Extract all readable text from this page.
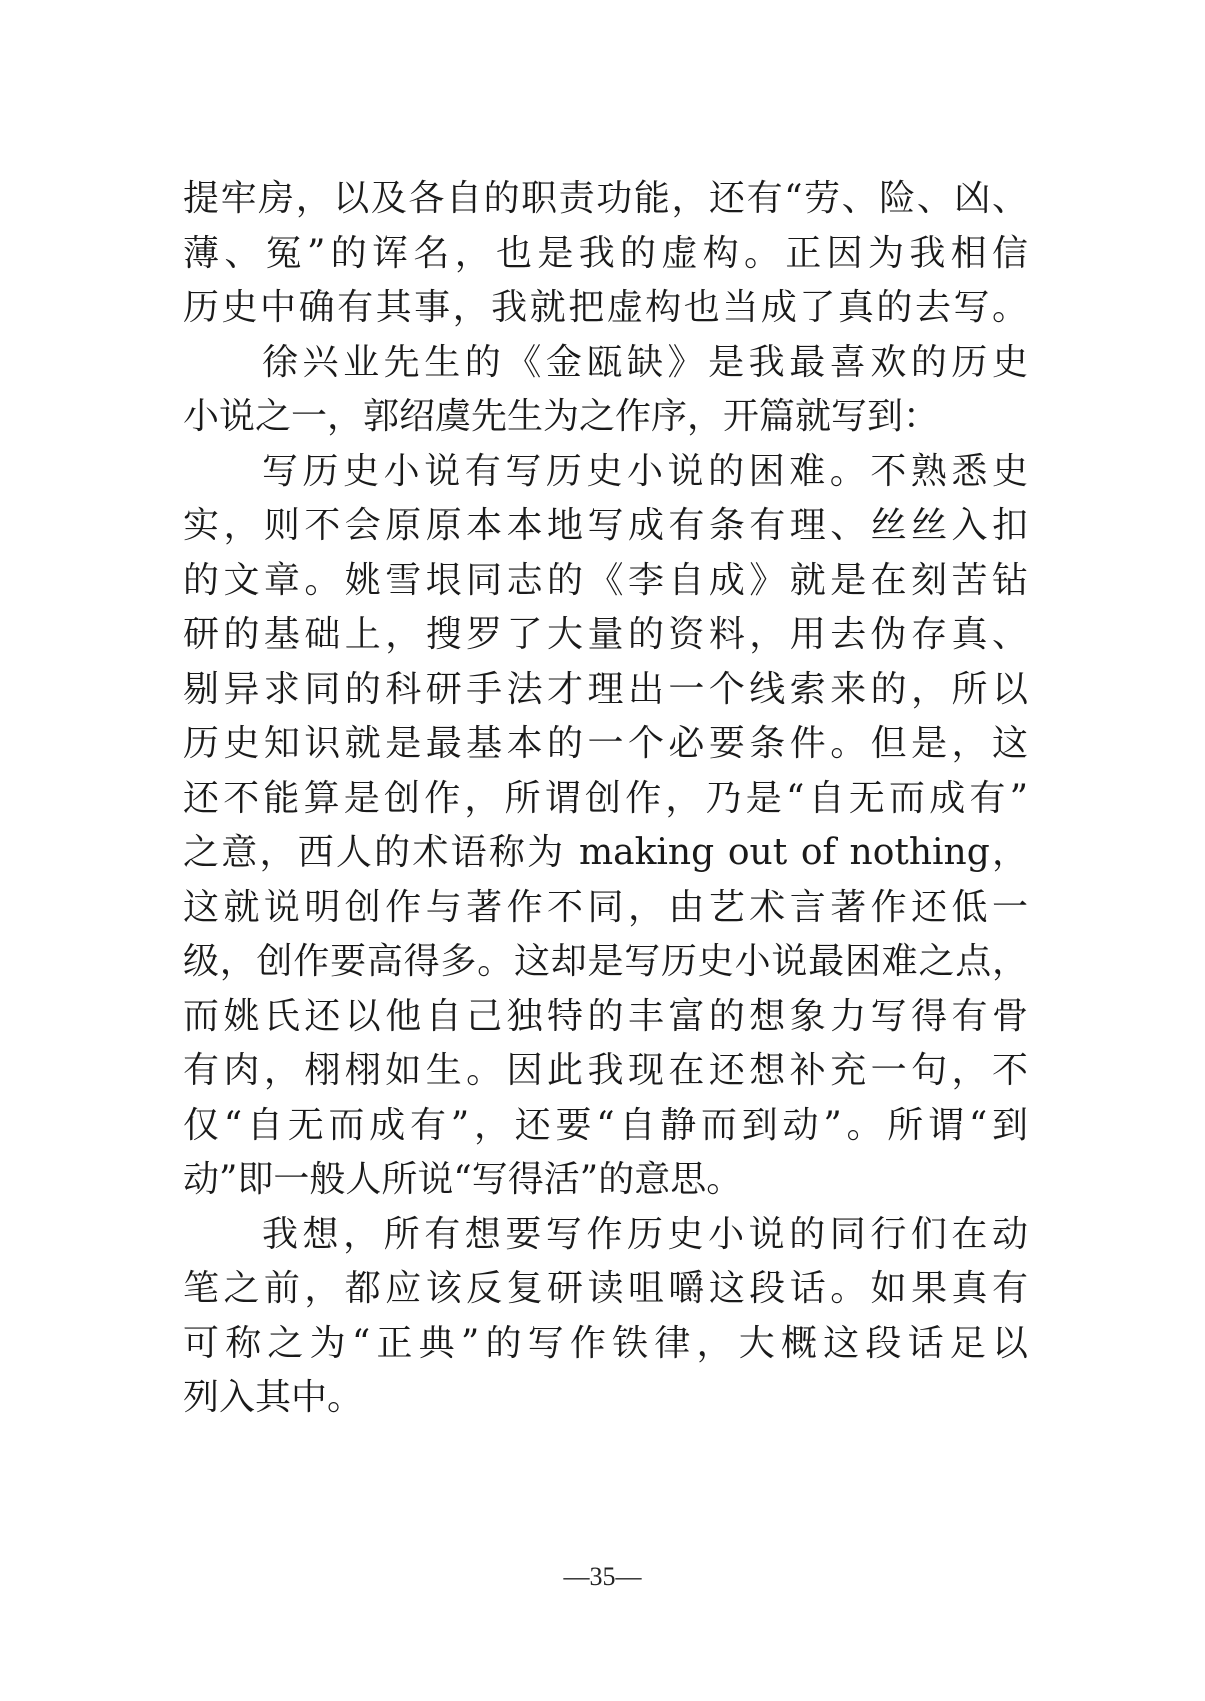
提牢房，以及各自的职责功能，还有“劳、险、凶、
薄、冤”的诨名，也是我的虚构。正因为我相信
历史中确有其事，我就把虚构也当成了真的去写。
徐兴业先生的《金瓯缺》是我最喜欢的历史
小说之一，郭绍虞先生为之作序，开篇就写到：
写历史小说有写历史小说的困难。不熟悉史
实，则不会原原本本地写成有条有理、丝丝入扣
的文章。姚雪垠同志的《李自成》就是在刻苦钻
研的基础上，搜罗了大量的资料，用去伪存真、
剔异求同的科研手法才理出一个线索来的，所以
历史知识就是最基本的一个必要条件。但是，这
还不能算是创作，所谓创作，乃是“自无而成有”
之意，西人的术语称为 making out of nothing，
这就说明创作与著作不同，由艺术言著作还低一
级，创作要高得多。这却是写历史小说最困难之点，
而姚氏还以他自己独特的丰富的想象力写得有骨
有肉，栩栩如生。因此我现在还想补充一句，不
仅“自无而成有”，还要“自静而到动”。所谓“到
动”即一般人所说“写得活”的意思。
我想，所有想要写作历史小说的同行们在动
笔之前，都应该反复研读咀嚼这段话。如果真有
可称之为“正典”的写作铁律，大概这段话足以
列入其中。
—35—
